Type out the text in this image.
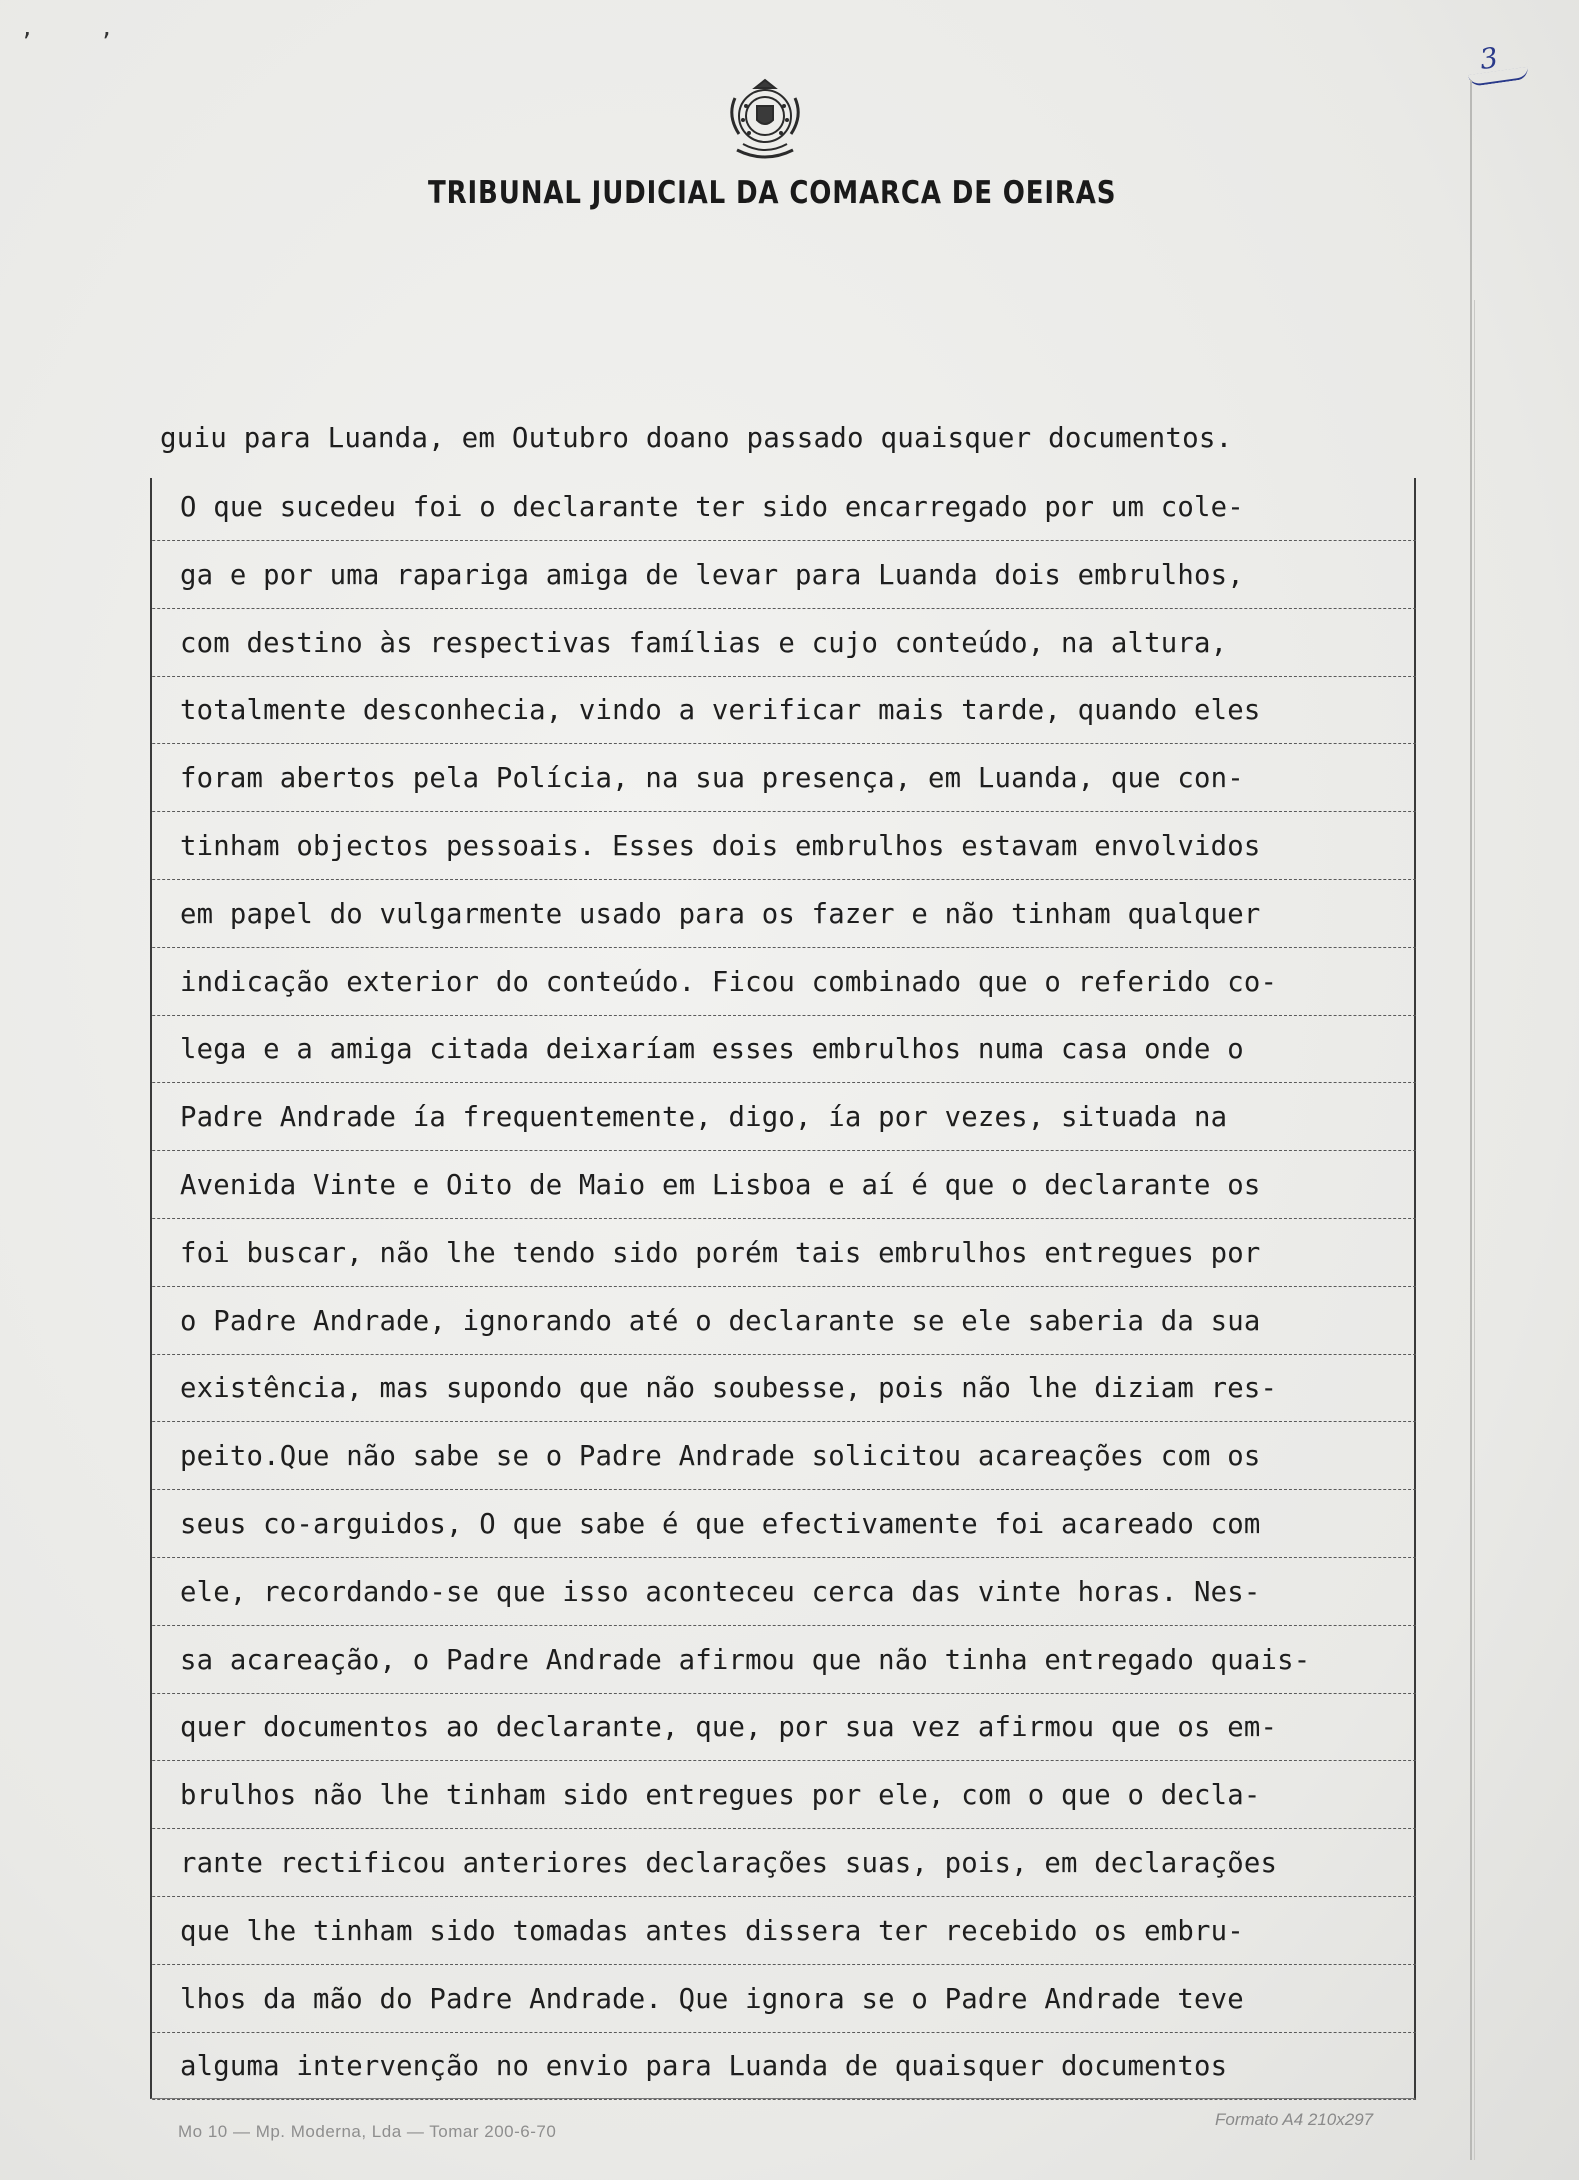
’     ’	3
TRIBUNAL JUDICIAL DA COMARCA DE OEIRAS
guiu para Luanda, em Outubro doano passado quaisquer documentos.
O que sucedeu foi o declarante ter sido encarregado por um cole-
ga e por uma rapariga amiga de levar para Luanda dois embrulhos,
com destino às respectivas famílias e cujo conteúdo, na altura,
totalmente desconhecia, vindo a verificar mais tarde, quando eles
foram abertos pela Polícia, na sua presença, em Luanda, que con-
tinham objectos pessoais. Esses dois embrulhos estavam envolvidos
em papel do vulgarmente usado para os fazer e não tinham qualquer
indicação exterior do conteúdo. Ficou combinado que o referido co-
lega e a amiga citada deixaríam esses embrulhos numa casa onde o
Padre Andrade ía frequentemente, digo, ía por vezes, situada na
Avenida Vinte e Oito de Maio em Lisboa e aí é que o declarante os
foi buscar, não lhe tendo sido porém tais embrulhos entregues por
o Padre Andrade, ignorando até o declarante se ele saberia da sua
existência, mas supondo que não soubesse, pois não lhe diziam res-
peito.Que não sabe se o Padre Andrade solicitou acareações com os
seus co-arguidos, O que sabe é que efectivamente foi acareado com
ele, recordando-se que isso aconteceu cerca das vinte horas. Nes-
sa acareação, o Padre Andrade afirmou que não tinha entregado quais-
quer documentos ao declarante, que, por sua vez afirmou que os em-
brulhos não lhe tinham sido entregues por ele, com o que o decla-
rante rectificou anteriores declarações suas, pois, em declarações
que lhe tinham sido tomadas antes dissera ter recebido os embru-
lhos da mão do Padre Andrade. Que ignora se o Padre Andrade teve
alguma intervenção no envio para Luanda de quaisquer documentos
Mo 10 — Mp. Moderna, Lda — Tomar 200-6-70
Formato A4 210x297
